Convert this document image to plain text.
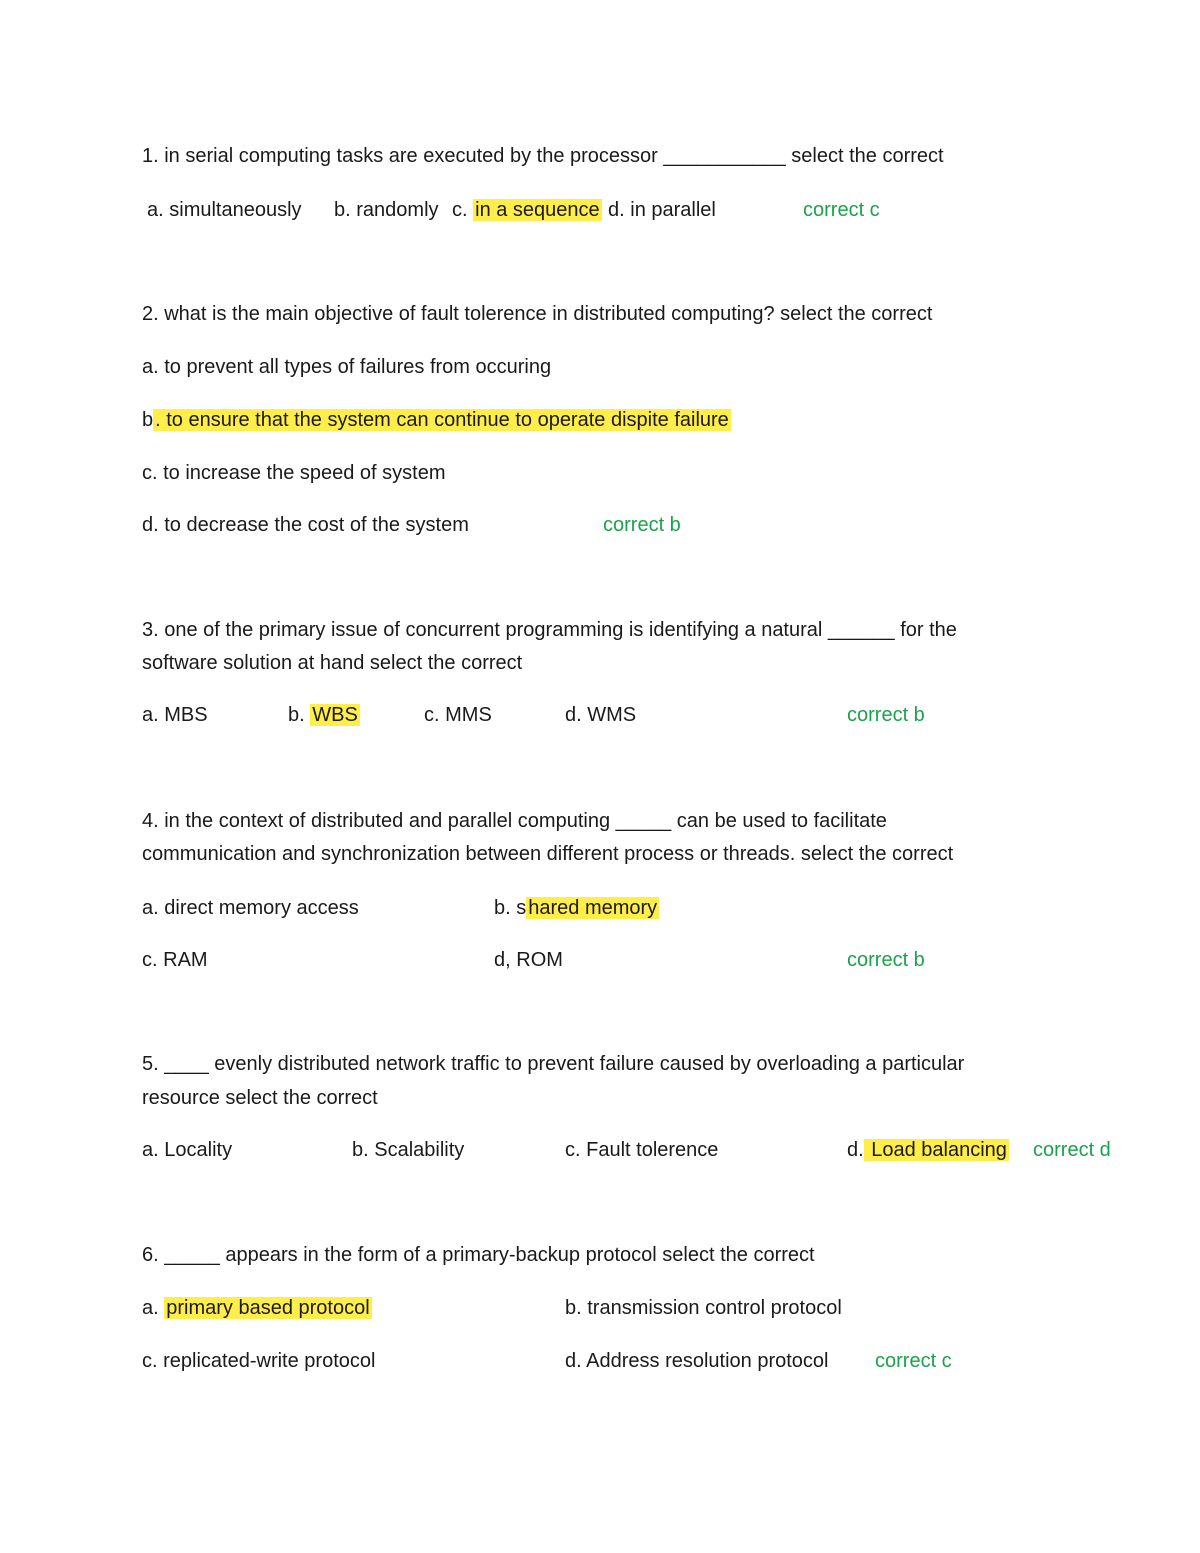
1. in serial computing tasks are executed by the processor ___________ select the correct
a. simultaneously b. randomly c. in a sequence d. in parallel	correct c
2. what is the main objective of fault tolerence in distributed computing? select the correct
a. to prevent all types of failures from occuring
b . to ensure that the system can continue to operate dispite failure
c. to increase the speed of system
d. to decrease the cost of the system	correct b
3. one of the primary issue of concurrent programming is identifying a natural ______ for the
software solution at hand select the correct
a. MBS	b. WBS	c. MMS	d. WMS	correct b
4. in the context of distributed and parallel computing _____ can be used to facilitate
communication and synchronization between different process or threads. select the correct
a. direct memory access	b. s hared memory
c. RAM	d, ROM	correct b
5. ____ evenly distributed network traffic to prevent failure caused by overloading a particular
resource select the correct
a. Locality	b. Scalability	c. Fault tolerence	d. Load balancing correct d
6. _____ appears in the form of a primary-backup protocol select the correct
a. primary based protocol	b. transmission control protocol
c. replicated-write protocol	d. Address resolution protocol correct c
